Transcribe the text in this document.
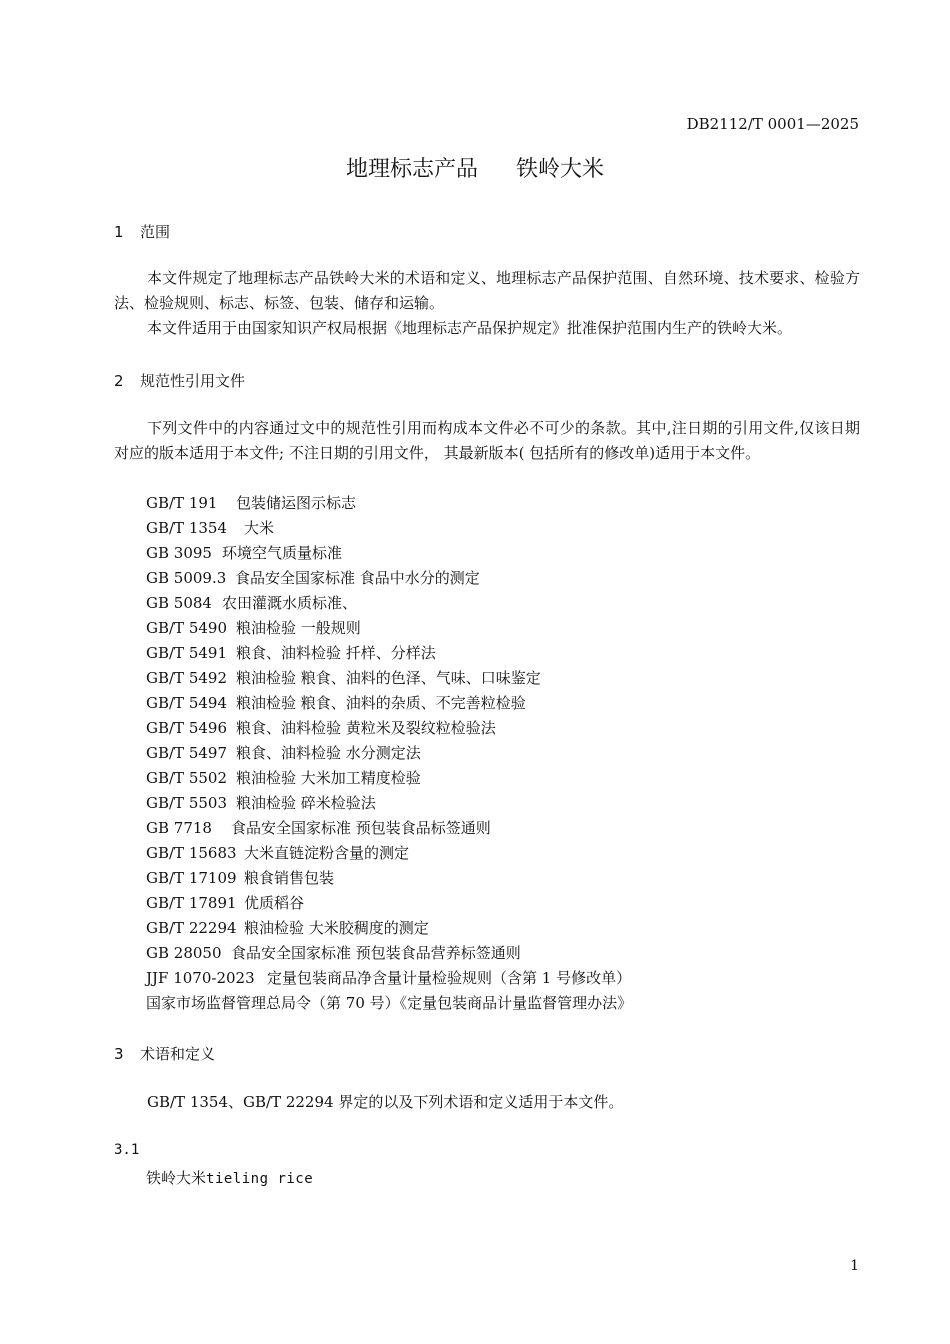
DB2112/T 0001—2025
地理标志产品 铁岭大米
1 范围
本文件规定了地理标志产品铁岭大米的术语和定义、地理标志产品保护范围、自然环境、技术要求、检验方法、检验规则、标志、标签、包装、储存和运输。
本文件适用于由国家知识产权局根据《地理标志产品保护规定》批准保护范围内生产的铁岭大米。
2 规范性引用文件
下列文件中的内容通过文中的规范性引用而构成本文件必不可少的条款。其中,注日期的引用文件,仅该日期对应的版本适用于本文件; 不注日期的引用文件， 其最新版本( 包括所有的修改单)适用于本文件。
GB/T 191 包装储运图示标志
GB/T 1354 大米
GB 3095 环境空气质量标准
GB 5009.3 食品安全国家标准 食品中水分的测定
GB 5084 农田灌溉水质标准、
GB/T 5490 粮油检验 一般规则
GB/T 5491 粮食、油料检验 扦样、分样法
GB/T 5492 粮油检验 粮食、油料的色泽、气味、口味鉴定
GB/T 5494 粮油检验 粮食、油料的杂质、不完善粒检验
GB/T 5496 粮食、油料检验 黄粒米及裂纹粒检验法
GB/T 5497 粮食、油料检验 水分测定法
GB/T 5502 粮油检验 大米加工精度检验
GB/T 5503 粮油检验 碎米检验法
GB 7718 食品安全国家标准 预包装食品标签通则
GB/T 15683 大米直链淀粉含量的测定
GB/T 17109 粮食销售包装
GB/T 17891 优质稻谷
GB/T 22294 粮油检验 大米胶稠度的测定
GB 28050 食品安全国家标准 预包装食品营养标签通则
JJF 1070-2023 定量包装商品净含量计量检验规则（含第 1 号修改单）
国家市场监督管理总局令（第 70 号）《定量包装商品计量监督管理办法》
3 术语和定义
GB/T 1354、GB/T 22294 界定的以及下列术语和定义适用于本文件。
3.1
铁岭大米tieling rice
1
